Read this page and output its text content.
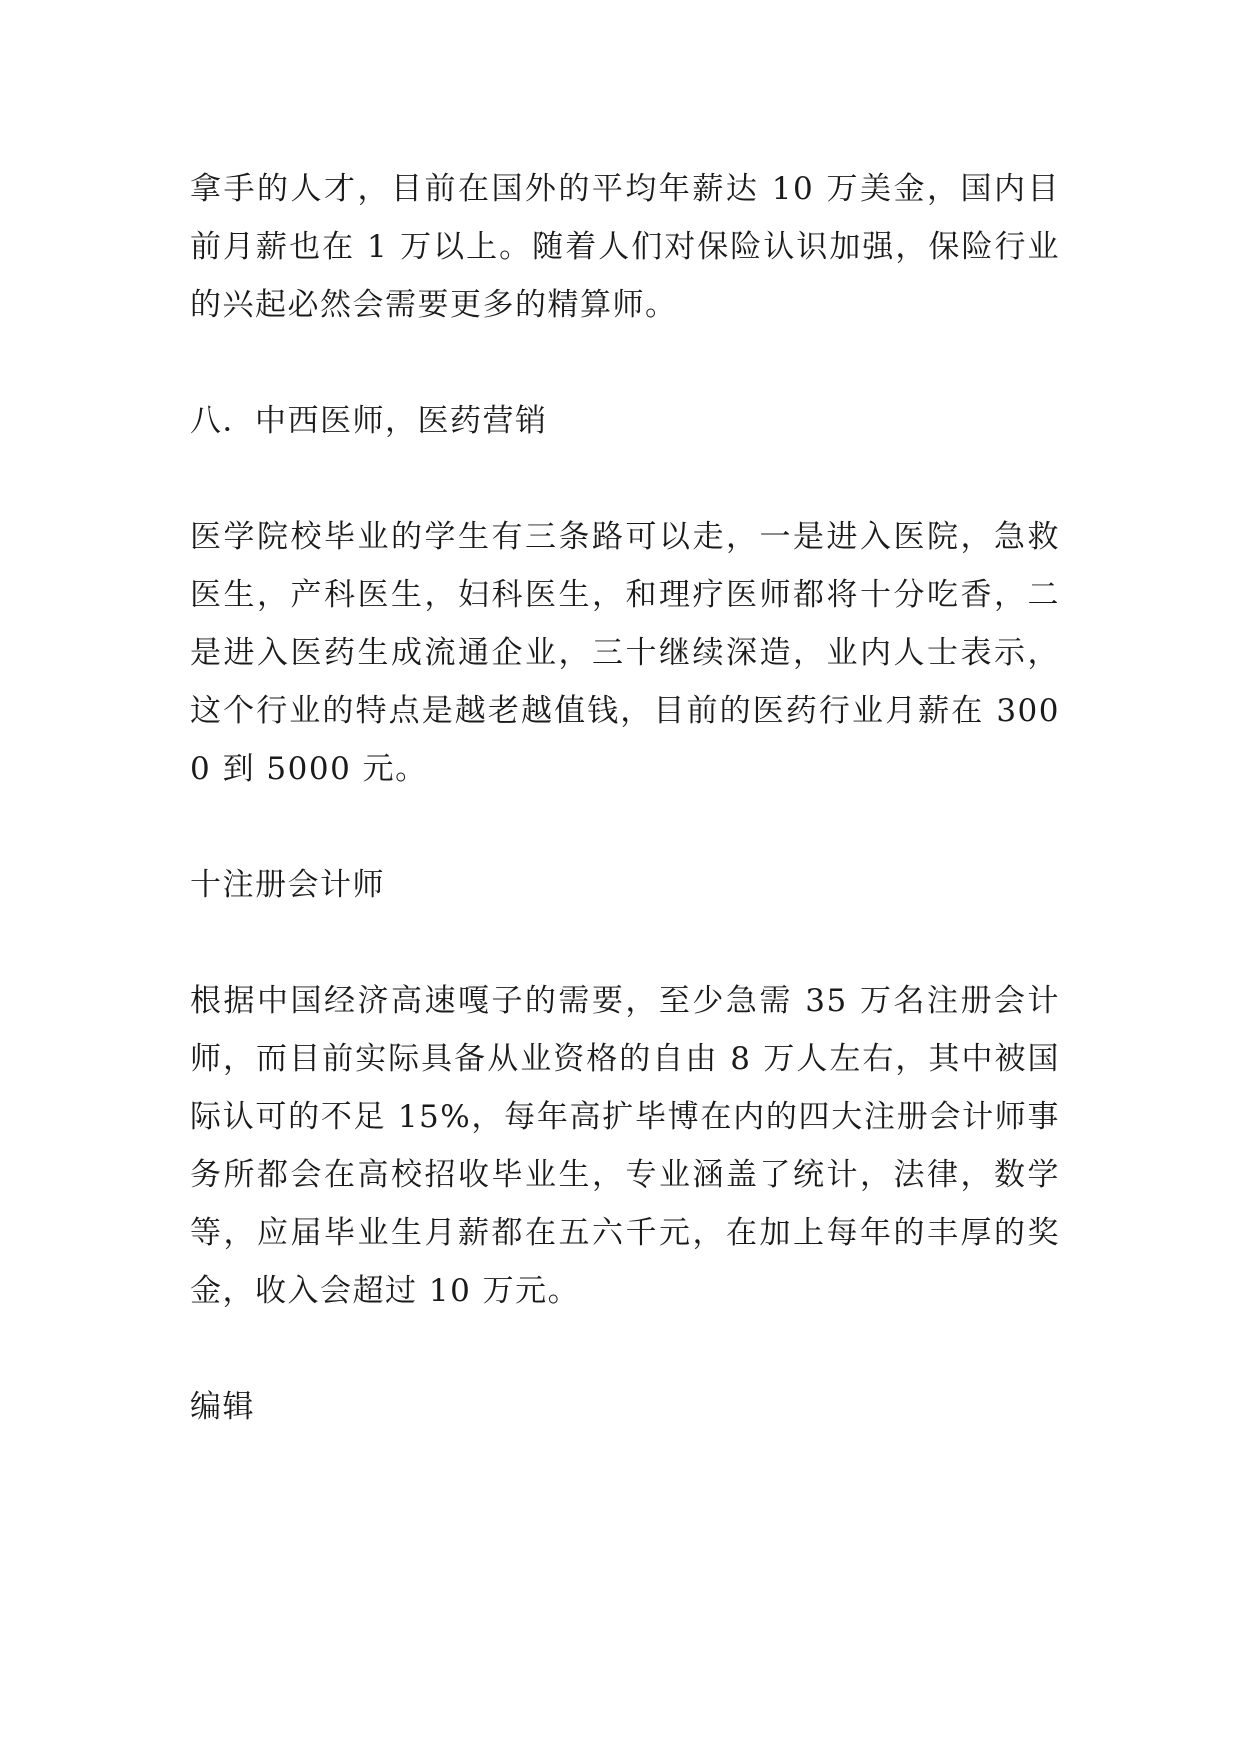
拿手的人才，目前在国外的平均年薪达 10 万美金，国内目前月薪也在 1 万以上。随着人们对保险认识加强，保险行业的兴起必然会需要更多的精算师。

八．中西医师，医药营销

医学院校毕业的学生有三条路可以走，一是进入医院，急救医生，产科医生，妇科医生，和理疗医师都将十分吃香，二是进入医药生成流通企业，三十继续深造，业内人士表示，这个行业的特点是越老越值钱，目前的医药行业月薪在 3000 到 5000 元。

十注册会计师

根据中国经济高速嘎子的需要，至少急需 35 万名注册会计师，而目前实际具备从业资格的自由 8 万人左右，其中被国际认可的不足 15%，每年高扩毕博在内的四大注册会计师事务所都会在高校招收毕业生，专业涵盖了统计，法律，数学等，应届毕业生月薪都在五六千元，在加上每年的丰厚的奖金，收入会超过 10 万元。

编辑
